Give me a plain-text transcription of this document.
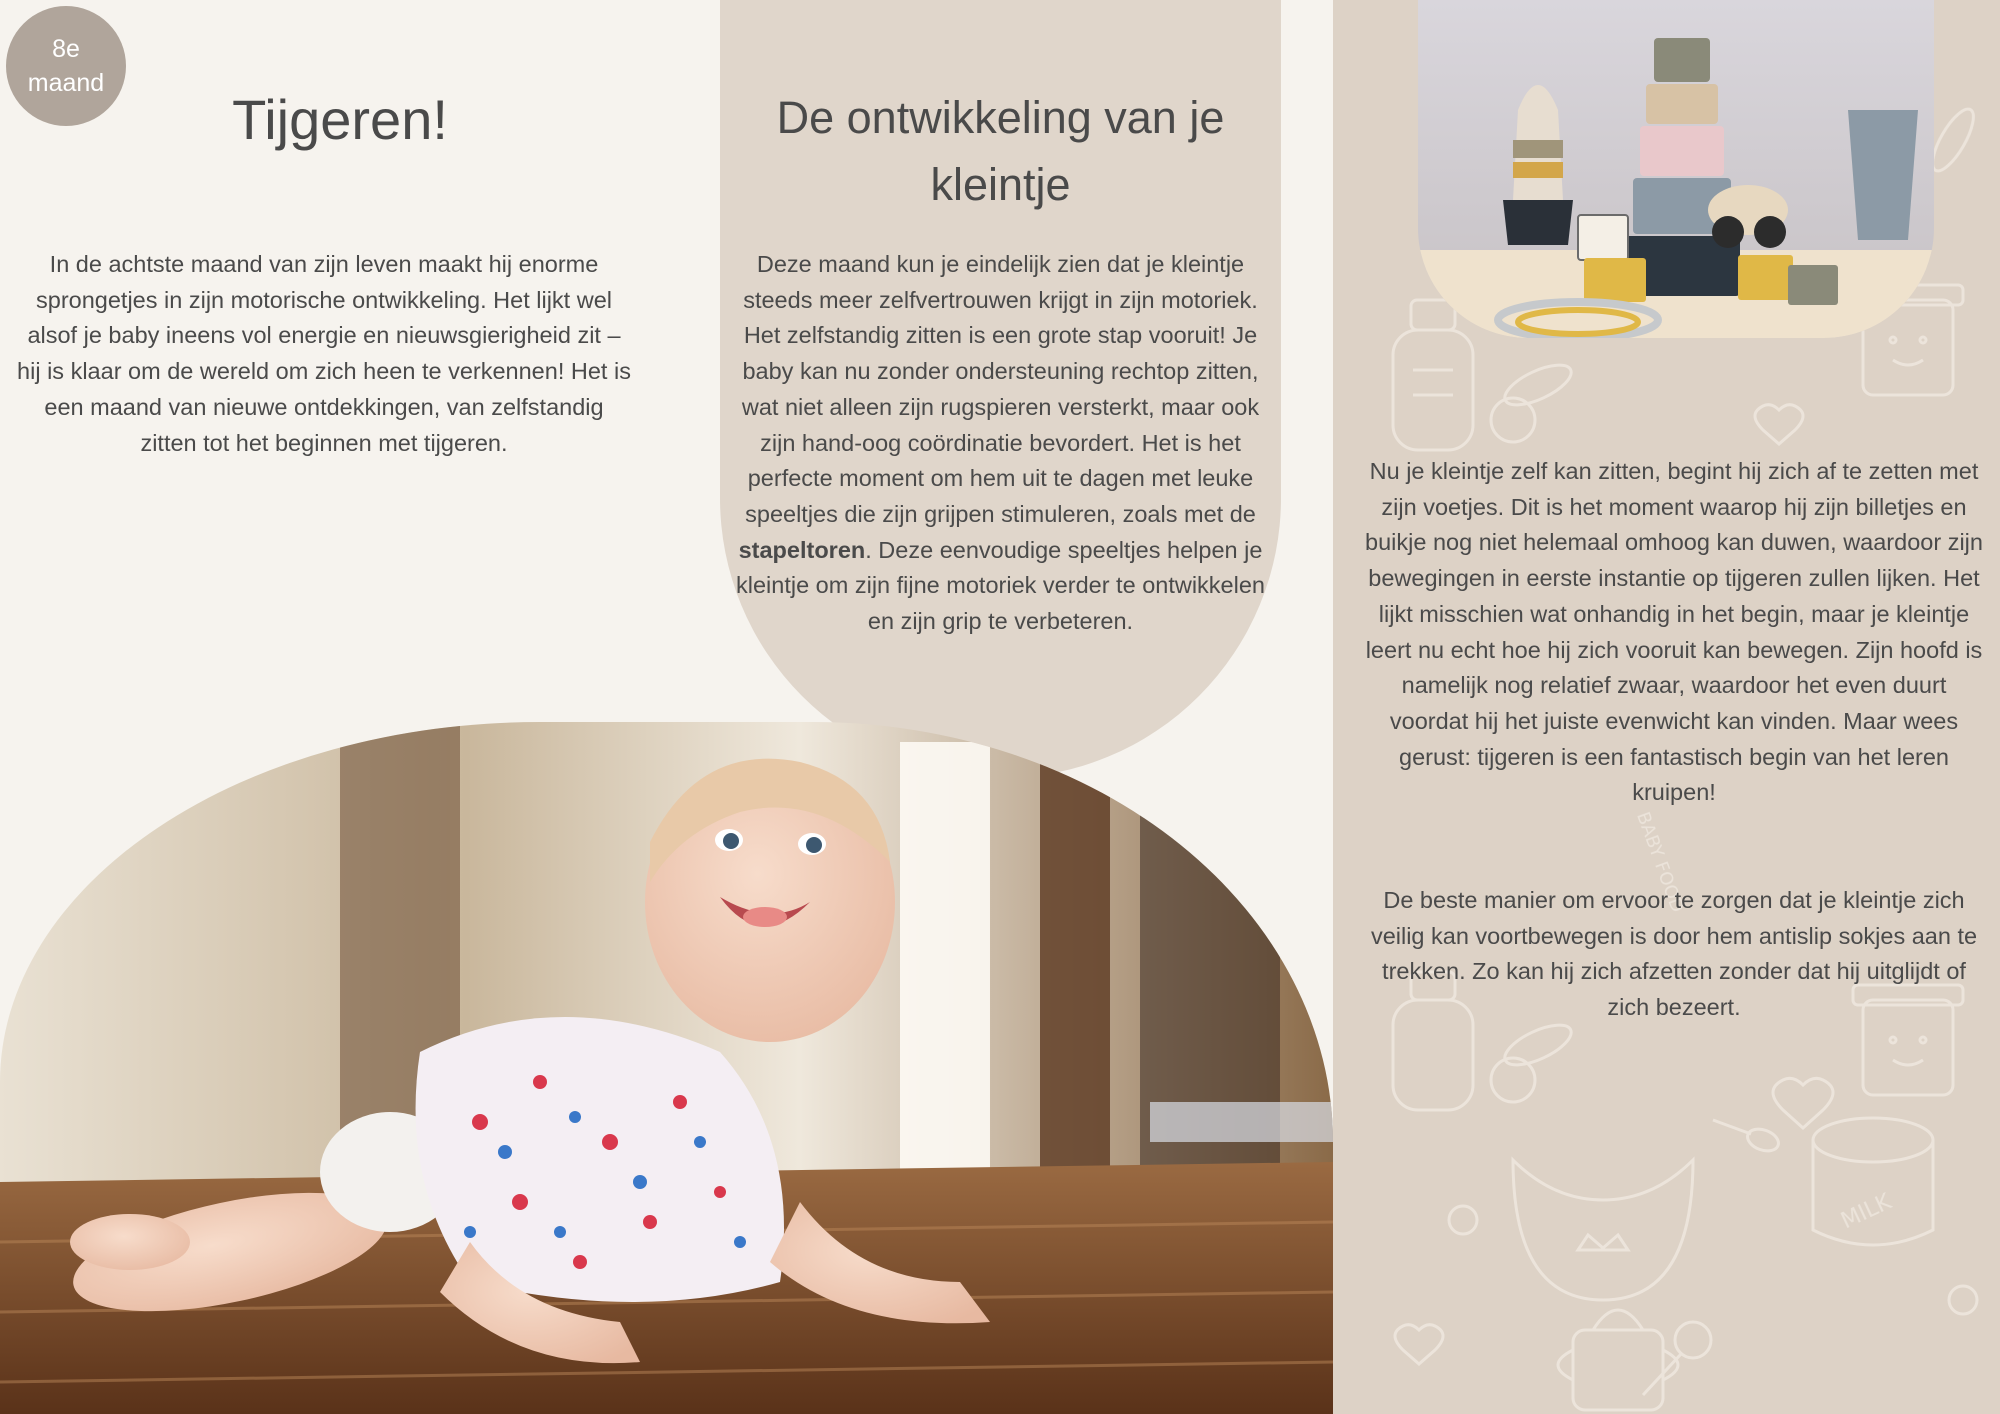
8e
maand
Tijgeren!

In de achtste maand van zijn leven maakt hij enorme sprongetjes in zijn motorische ontwikkeling. Het lijkt wel alsof je baby ineens vol energie en nieuwsgierigheid zit – hij is klaar om de wereld om zich heen te verkennen! Het is een maand van nieuwe ontdekkingen, van zelfstandig zitten tot het beginnen met tijgeren.

De ontwikkeling van je kleintje

Deze maand kun je eindelijk zien dat je kleintje steeds meer zelfvertrouwen krijgt in zijn motoriek. Het zelfstandig zitten is een grote stap vooruit! Je baby kan nu zonder ondersteuning rechtop zitten, wat niet alleen zijn rugspieren versterkt, maar ook zijn hand-oog coördinatie bevordert. Het is het perfecte moment om hem uit te dagen met leuke speeltjes die zijn grijpen stimuleren, zoals met de stapeltoren. Deze eenvoudige speeltjes helpen je kleintje om zijn fijne motoriek verder te ontwikkelen en zijn grip te verbeteren.

MILK
BABY FOOD

Nu je kleintje zelf kan zitten, begint hij zich af te zetten met zijn voetjes. Dit is het moment waarop hij zijn billetjes en buikje nog niet helemaal omhoog kan duwen, waardoor zijn bewegingen in eerste instantie op tijgeren zullen lijken. Het lijkt misschien wat onhandig in het begin, maar je kleintje leert nu echt hoe hij zich vooruit kan bewegen. Zijn hoofd is namelijk nog relatief zwaar, waardoor het even duurt voordat hij het juiste evenwicht kan vinden. Maar wees gerust: tijgeren is een fantastisch begin van het leren kruipen!

De beste manier om ervoor te zorgen dat je kleintje zich veilig kan voortbewegen is door hem antislip sokjes aan te trekken. Zo kan hij zich afzetten zonder dat hij uitglijdt of zich bezeert.
